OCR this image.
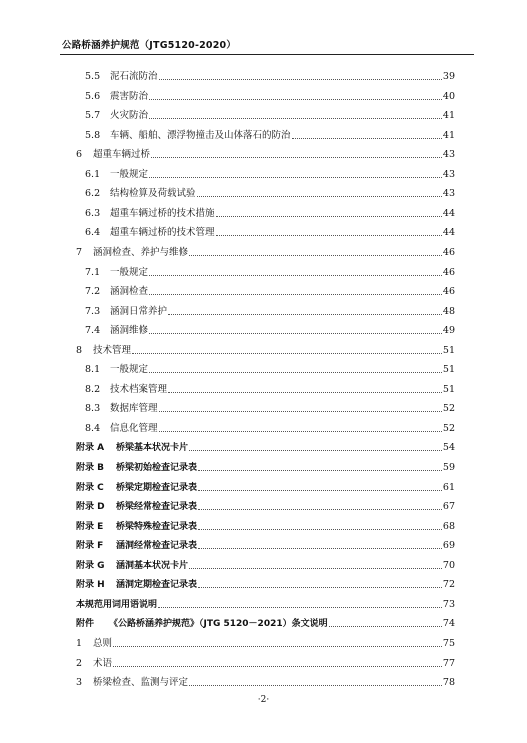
公路桥涵养护规范（JTG5120-2020）
5.5 泥石流防治	39
5.6 震害防治	40
5.7 火灾防治	41
5.8 车辆、船舶、漂浮物撞击及山体落石的防治	41
6 超重车辆过桥	43
6.1 一般规定	43
6.2 结构检算及荷载试验	43
6.3 超重车辆过桥的技术措施	44
6.4 超重车辆过桥的技术管理	44
7 涵洞检查、养护与维修	46
7.1 一般规定	46
7.2 涵洞检查	46
7.3 涵洞日常养护	48
7.4 涵洞维修	49
8 技术管理	51
8.1 一般规定	51
8.2 技术档案管理	51
8.3 数据库管理	52
8.4 信息化管理	52
附录 A 桥梁基本状况卡片	54
附录 B 桥梁初始检查记录表	59
附录 C 桥梁定期检查记录表	61
附录 D 桥梁经常检查记录表	67
附录 E 桥梁特殊检查记录表	68
附录 F 涵洞经常检查记录表	69
附录 G 涵洞基本状况卡片	70
附录 H 涵洞定期检查记录表	72
本规范用词用语说明	73
附件 《公路桥涵养护规范》（JTG 5120－2021）条文说明	74
1 总则	75
2 术语	77
3 桥梁检查、监测与评定	78
·2·
